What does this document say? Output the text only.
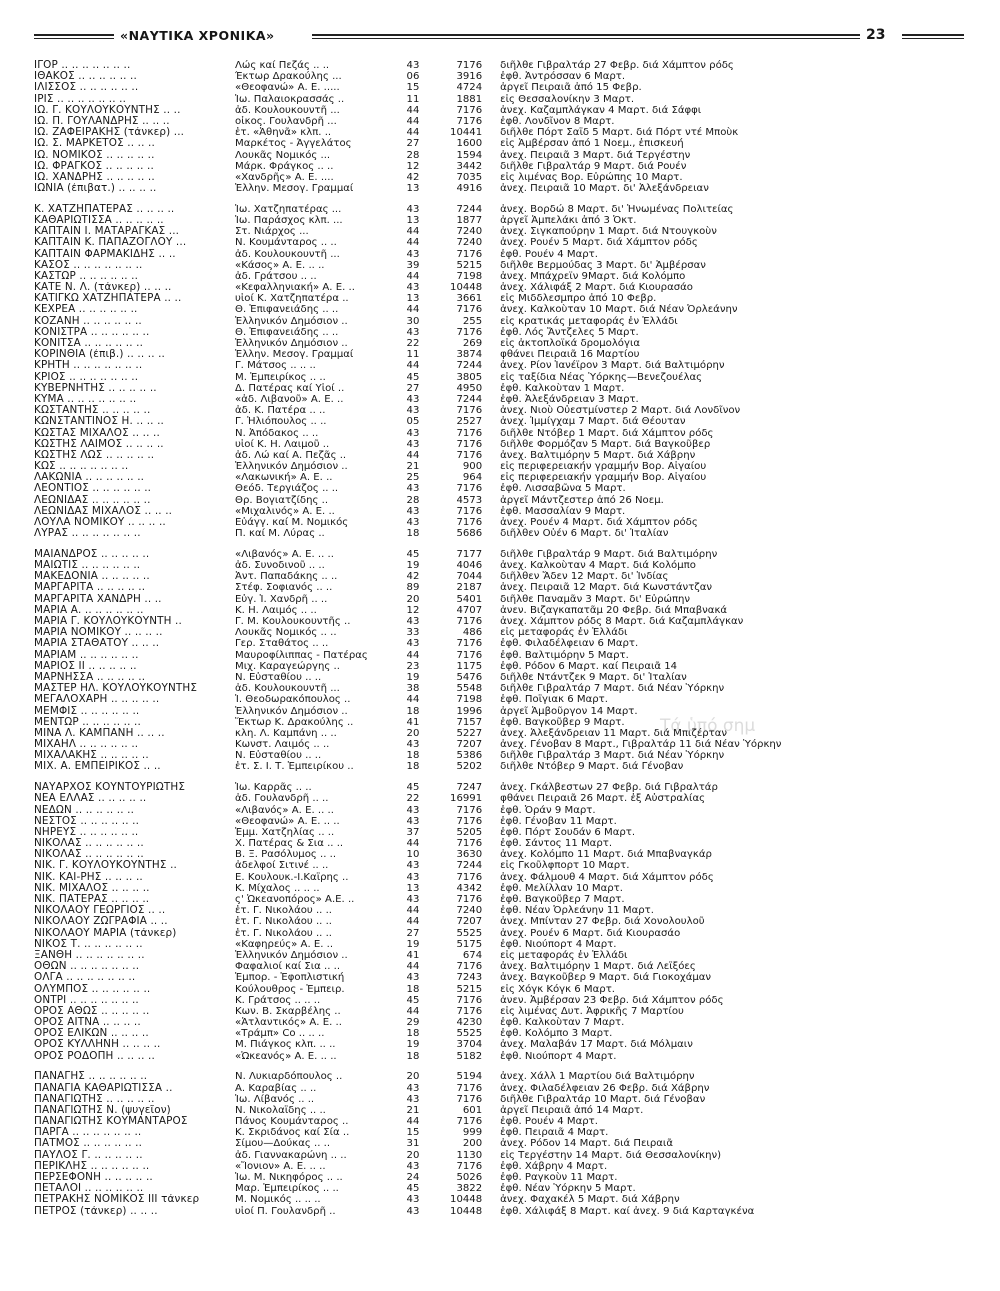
«ΝΑΥΤΙΚΑ ΧΡΟΝΙΚΑ»	23
Τά ὑπό σημ
ΙΓΟΡ .. .. .. .. .. .. ..	Λώς καί Πεζάς .. ..	43	7176	διῆλθε Γιβραλτάρ 27 Φεβρ. διά Χάμπτον ρόδς
ΙΘΑΚΟΣ .. .. .. .. .. ..	Έκτωρ Δρακούλης ...	06	3916	ἐφθ. Ἀντρόσσαν 6 Μαρτ.
ΙΛΙΣΣΟΣ .. .. .. .. .. ..	«Θεοφανώ» Α. Ε. .....	15	4724	ἀργεῖ Πειραιᾶ ἀπό 15 Φεβρ.
ΙΡΙΣ .. .. .. .. .. .. ..	Ἰω. Παλαιοκρασσάς ..	11	1881	εἰς Θεσσαλονίκην 3 Μαρτ.
ΙΩ. Γ. ΚΟΥΛΟΥΚΟΥΝΤΗΣ .. ..	ἀδ. Κουλουκουντῆ ...	44	7176	ἀνεχ. Καζαμπλάγκαν 4 Μαρτ. διά Σάφφι
ΙΩ. Π. ΓΟΥΛΑΝΔΡΗΣ .. .. ..	οἶκος. Γουλανδρῆ ...	44	7176	ἐφθ. Λονδῖνον 8 Μαρτ.
ΙΩ. ΖΑΦΕΙΡΑΚΗΣ (τάνκερ) ...	ἑτ. «Ἀθηνᾶ» κλπ. ..	44	10441	διῆλθε Πόρτ Σαΐδ 5 Μαρτ. διά Πόρτ ντέ Μποὺκ
ΙΩ. Σ. ΜΑΡΚΕΤΟΣ .. .. ..	Μαρκέτος - Ἀγγελάτος	27	1600	εἰς Ἀμβέρσαν ἀπό 1 Νοεμ., ἐπισκευή
ΙΩ. ΝΟΜΙΚΟΣ .. .. .. .. ..	Λουκᾶς Νομικός ...	28	1594	ἀνεχ. Πειραιᾶ 3 Μαρτ. διά Τεργέστην
ΙΩ. ΦΡΑΓΚΟΣ .. .. .. .. ..	Μάρκ. Φράγκος .. ..	12	3442	διῆλθε Γιβραλτάρ 9 Μαρτ. διά Ρουέν
ΙΩ. ΧΑΝΔΡΗΣ .. .. .. .. ..	«Χανδρῆς» Α. Ε. ....	42	7035	εἰς λιμένας Βορ. Εὐρώπης 10 Μαρτ.
ΙΩΝΙΑ (ἐπιβατ.) .. .. .. ..	Ἑλλην. Μεσογ. Γραμμαί	13	4916	ἀνεχ. Πειραιᾶ 10 Μαρτ. δι' Ἀλεξάνδρειαν
Κ. ΧΑΤΖΗΠΑΤΕΡΑΣ .. .. .. ..	Ἰω. Χατζηπατέρας ...	43	7244	ἀνεχ. Βορδώ 8 Μαρτ. δι' Ἡνωμένας Πολιτείας
ΚΑΘΑΡΙΩΤΙΣΣΑ .. .. .. .. ..	Ἰω. Παράσχος κλπ. ...	13	1877	ἀργεῖ Ἀμπελάκι ἀπό 3 Ὀκτ.
ΚΑΠΤΑΙΝ Ι. ΜΑΤΑΡΑΓΚΑΣ ...	Στ. Νιάρχος ...	44	7240	ἀνεχ. Σιγκαπούρην 1 Μαρτ. διά Ντουγκοὺν
ΚΑΠΤΑΙΝ Κ. ΠΑΠΑΖΟΓΛΟΥ ...	Ν. Κουμάνταρος .. ..	44	7240	ἀνεχ. Ρουέν 5 Μαρτ. διά Χάμπτον ρόδς
ΚΑΠΤΑΙΝ ΦΑΡΜΑΚΙΔΗΣ .. ..	ἀδ. Κουλουκουντῆ ...	43	7176	ἐφθ. Ρουέν 4 Μαρτ.
ΚΑΣΟΣ .. .. .. .. .. .. ..	«Κάσος» Α. Ε. .. ..	39	5215	διῆλθε Βερμούδας 3 Μαρτ. δι' Ἀμβέρσαν
ΚΑΣΤΩΡ .. .. .. .. .. ..	ἀδ. Γράτσου .. ..	44	7198	ἀνεχ. Μπάχρεϊν 9Μαρτ. διά Κολόμπο
ΚΑΤΕ Ν. Λ. (τάνκερ) .. .. ..	«Κεφαλληνιακή» Α. Ε. ..	43	10448	ἀνεχ. Χάλιφάξ 2 Μαρτ. διά Κιουρασάο
ΚΑΤΙΓΚΩ ΧΑΤΖΗΠΑΤΕΡΑ .. ..	υἱοί Κ. Χατζηπατέρα ..	13	3661	εἰς Μιδδλεσμπρο ἀπό 10 Φεβρ.
ΚΕΧΡΕΑ .. .. .. .. .. ..	Θ. Ἐπιφανειάδης .. ..	44	7176	ἀνεχ. Καλκοὺταν 10 Μαρτ. διά Νέαν Ὀρλεάνην
ΚΟΖΑΝΗ .. .. .. .. .. ..	Ἑλληνικόν Δημόσιον ..	30	255	εἰς κρατικάς μεταφοράς ἐν Ἑλλάδι
ΚΟΝΙΣΤΡΑ .. .. .. .. .. ..	Θ. Ἐπιφανειάδης .. ..	43	7176	ἐφθ. Λός Ἄντζελες 5 Μαρτ.
ΚΟΝΙΤΣΑ .. .. .. .. .. ..	Ἑλληνικόν Δημόσιον ..	22	269	εἰς ἀκτοπλοϊκά δρομολόγια
ΚΟΡΙΝΘΙΑ (ἐπιβ.) .. .. .. ..	Ἑλλην. Μεσογ. Γραμμαί	11	3874	φθάνει Πειραιᾶ 16 Μαρτίου
ΚΡΗΤΗ .. .. .. .. .. .. ..	Γ. Μάτσος .. .. ..	44	7244	ἀνεχ. Ρίον Ἰανέϊρον 3 Μαρτ. διά Βαλτιμόρην
ΚΡΙΟΣ .. .. .. .. .. .. ..	Μ. Ἐμπειρίκος .. ..	45	3805	εἰς ταξίδια Νέας Ὑόρκης—Βενεζουέλας
ΚΥΒΕΡΝΗΤΗΣ .. .. .. .. ..	Δ. Πατέρας καί Υἱοί ..	27	4950	ἐφθ. Καλκοὺταν 1 Μαρτ.
ΚΥΜΑ .. .. .. .. .. .. ..	«ἀδ. Λιβανοῦ» Α. Ε. ..	43	7244	ἐφθ. Ἀλεξάνδρειαν 3 Μαρτ.
ΚΩΣΤΑΝΤΗΣ .. .. .. .. ..	ἀδ. Κ. Πατέρα .. ..	43	7176	ἀνεχ. Νιοὺ Οὐεστμίνστερ 2 Μαρτ. διά Λονδῖνον
ΚΩΝΣΤΑΝΤΙΝΟΣ Η. .. .. ..	Γ. Ἡλιόπουλος .. ..	05	2527	ἀνεχ. Ἰμμίγχαμ 7 Μαρτ. διά Θέουταν
ΚΩΣΤΑΣ ΜΙΧΑΛΟΣ .. .. ..	Ν. Ἀπόδακος .. ..	43	7176	διῆλθε Ντόβερ 1 Μαρτ. διά Χάμπτον ρόδς
ΚΩΣΤΗΣ ΛΑΙΜΟΣ .. .. .. ..	υἱοί Κ. Η. Λαιμοῦ ..	43	7176	διῆλθε Φορμόζαν 5 Μαρτ. διά Βαγκοῦβερ
ΚΩΣΤΗΣ ΛΩΣ .. .. .. .. ..	ἀδ. Λώ καί Α. Πεζᾶς ..	44	7176	ἀνεχ. Βαλτιμόρην 5 Μαρτ. διά Χάβρην
ΚΩΣ .. .. .. .. .. .. ..	Ἑλληνικόν Δημόσιον ..	21	900	εἰς περιφερειακήν γραμμήν Βορ. Αἰγαίου
ΛΑΚΩΝΙΑ .. .. .. .. .. ..	«Λακωνική» Α. Ε. ..	25	964	εἰς περιφερειακήν γραμμήν Βορ. Αἰγαίου
ΛΕΟΝΤΙΟΣ .. .. .. .. .. ..	Θεόδ. Τεργιάζος .. ..	43	7176	ἐφθ. Λισσαβῶνα 5 Μαρτ.
ΛΕΩΝΙΔΑΣ .. .. .. .. .. ..	Θρ. Βογιατζίδης ..	28	4573	ἀργεῖ Μάντζεστερ ἀπό 26 Νοεμ.
ΛΕΩΝΙΔΑΣ ΜΙΧΑΛΟΣ .. .. ..	«Μιχαλινός» Α. Ε. ..	43	7176	ἐφθ. Μασσαλίαν 9 Μαρτ.
ΛΟΥΛΑ ΝΟΜΙΚΟΥ .. .. .. ..	Εὐάγγ. καί Μ. Νομικός	43	7176	ἀνεχ. Ρουέν 4 Μαρτ. διά Χάμπτον ρόδς
ΛΥΡΑΣ .. .. .. .. .. .. ..	Π. καί Μ. Λύρας ..	18	5686	διῆλθεν Οὐέν 6 Μαρτ. δι' Ἰταλίαν
ΜΑΙΑΝΔΡΟΣ .. .. .. .. ..	«Λιβανός» Α. Ε. .. ..	45	7177	διῆλθε Γιβραλτάρ 9 Μαρτ. διά Βαλτιμόρην
ΜΑΙΩΤΙΣ .. .. .. .. .. ..	ἀδ. Συνοδινοῦ .. ..	19	4046	ἀνεχ. Καλκοὺταν 4 Μαρτ. διά Κολόμπο
ΜΑΚΕΔΟΝΙΑ .. .. .. .. ..	Ἀντ. Παπαδάκης .. ..	42	7044	διῆλθεν Ἄδεν 12 Μαρτ. δι' Ἰνδίας
ΜΑΡΓΑΡΙΤΑ .. .. .. .. ..	Στέφ. Σοφιανός .. ..	89	2187	ἀνεχ. Πειραιᾶ 12 Μαρτ. διά Κωνστάντζαν
ΜΑΡΓΑΡΙΤΑ ΧΑΝΔΡΗ .. ..	Εὐγ. Ἰ. Χανδρῆ .. ..	20	5401	διῆλθε Παναμᾶν 3 Μαρτ. δι' Εὐρώπην
ΜΑΡΙΑ Α. .. .. .. .. .. ..	Κ. Η. Λαιμός .. ..	12	4707	ἀνεν. Βιζαγκαπατᾶμ 20 Φεβρ. διά Μπαβνακά
ΜΑΡΙΑ Γ. ΚΟΥΛΟΥΚΟΥΝΤΗ ..	Γ. Μ. Κουλουκουντῆς ..	43	7176	ἀνεχ. Χάμπτον ρόδς 8 Μαρτ. διά Καζαμπλάγκαν
ΜΑΡΙΑ ΝΟΜΙΚΟΥ .. .. .. ..	Λουκᾶς Νομικός .. ..	33	486	εἰς μεταφοράς ἐν Ἑλλάδι
ΜΑΡΙΑ ΣΤΑΘΑΤΟΥ .. .. ..	Γερ. Σταθάτος .. ..	43	7176	ἐφθ. Φιλαδέλφειαν 6 Μαρτ.
ΜΑΡΙΑΜ .. .. .. .. .. ..	Μαυροφίλιππας - Πατέρας	44	7176	ἐφθ. Βαλτιμόρην 5 Μαρτ.
ΜΑΡΙΟΣ ΙΙ .. .. .. .. ..	Μιχ. Καραγεώργης ..	23	1175	ἐφθ. Ρόδον 6 Μαρτ. καί Πειραιᾶ 14
ΜΑΡΝΗΣΣΑ .. .. .. .. ..	Ν. Εὐσταθίου .. ..	19	5476	διῆλθε Ντάντζεκ 9 Μαρτ. δι' Ἰταλίαν
ΜΑΣΤΕΡ ΗΛ. ΚΟΥΛΟΥΚΟΥΝΤΗΣ	ἀδ. Κουλουκουντῆ ...	38	5548	διῆλθε Γιβραλτάρ 7 Μαρτ. διά Νέαν Ὑόρκην
ΜΕΓΑΛΟΧΑΡΗ .. .. .. .. ..	Ἰ. Θεοδωρακόπουλος ..	44	7198	ἐφθ. Ποΐγιακ 6 Μαρτ.
ΜΕΜΦΙΣ .. .. .. .. .. ..	Ἑλληνικόν Δημόσιον ..	18	1996	ἀργεῖ Ἀμβοῦργον 14 Μαρτ.
ΜΕΝΤΩΡ .. .. .. .. .. ..	Ἕκτωρ Κ. Δρακούλης ..	41	7157	ἐφθ. Βαγκοῦβερ 9 Μαρτ.
ΜΙΝΑ Λ. ΚΑΜΠΑΝΗ .. .. ..	κλη. Λ. Καμπάνη .. ..	20	5227	ἀνεχ. Ἀλεξάνδρειαν 11 Μαρτ. διά Μπιζέρταν
ΜΙΧΑΗΛ .. .. .. .. .. ..	Κωνστ. Λαιμός .. ..	43	7207	ἀνεχ. Γένοβαν 8 Μαρτ., Γιβραλτάρ 11 διά Νέαν Ὑόρκην
ΜΙΧΑΛΑΚΗΣ .. .. .. .. ..	Ν. Εὐσταθίου .. ..	18	5386	διῆλθε Γιβραλτάρ 3 Μαρτ. διά Νέαν Ὑόρκην
ΜΙΧ. Α. ΕΜΠΕΙΡΙΚΟΣ .. ..	ἑτ. Σ. Ι. Τ. Ἐμπειρίκου ..	18	5202	διῆλθε Ντόβερ 9 Μαρτ. διά Γένοβαν
ΝΑΥΑΡΧΟΣ ΚΟΥΝΤΟΥΡΙΩΤΗΣ	Ἰω. Καρρᾶς .. ..	45	7247	ἀνεχ. Γκάλβεστων 27 Φεβρ. διά Γιβραλτάρ
ΝΕΑ ΕΛΛΑΣ .. .. .. .. ..	ἀδ. Γουλανδρῆ .. ..	22	16991	φθάνει Πειραιᾶ 26 Μαρτ. ἐξ Αὐστραλίας
ΝΕΔΩΝ .. .. .. .. .. ..	«Λιβανός» Α. Ε. .. ..	43	7176	ἐφθ. Ὀράν 9 Μαρτ.
ΝΕΣΤΟΣ .. .. .. .. .. ..	«Θεοφανώ» Α. Ε. .. ..	43	7176	ἐφθ. Γένοβαν 11 Μαρτ.
ΝΗΡΕΥΣ .. .. .. .. .. ..	Ἐμμ. Χατζηλίας .. ..	37	5205	ἐφθ. Πόρτ Σουδάν 6 Μαρτ.
ΝΙΚΟΛΑΣ .. .. .. .. .. ..	Χ. Πατέρας & Σια .. ..	44	7176	ἐφθ. Σάντος 11 Μαρτ.
ΝΙΚΟΛΑΣ .. .. .. .. .. ..	Β. Ξ. Ρασόλυμος .. ..	10	3630	ἀνεχ. Κολόμπο 11 Μαρτ. διά Μπαβναγκάρ
ΝΙΚ. Γ. ΚΟΥΛΟΥΚΟΥΝΤΗΣ ..	ἀδελφοί Σιτινέ .. ..	43	7244	εἰς Γκοῦλφπορτ 10 Μαρτ.
ΝΙΚ. ΚΑΙ-ΡΗΣ .. .. .. ..	Ε. Κουλουκ.-Ι.Καΐρης ..	43	7176	ἀνεχ. Φάλμουθ 4 Μαρτ. διά Χάμπτον ρόδς
ΝΙΚ. ΜΙΧΑΛΟΣ .. .. .. ..	Κ. Μίχαλος .. .. ..	13	4342	ἐφθ. Μελίλλαν 10 Μαρτ.
ΝΙΚ. ΠΑΤΕΡΑΣ .. .. .. ..	ς' Ὠκεανοπόρος» Α.Ε. ..	43	7176	ἐφθ. Βαγκοῦβερ 7 Μαρτ.
ΝΙΚΟΛΑΟΥ ΓΕΩΡΓΙΟΣ .. ..	ἑτ. Γ. Νικολάου .. ..	44	7240	ἐφθ. Νέαν Ὀρλεάνην 11 Μαρτ.
ΝΙΚΟΛΑΟΥ ΖΩΓΡΑΦΙΑ .. ..	ἑτ. Γ. Νικολάου .. ..	44	7207	ἀνεχ. Μπίνταν 27 Φεβρ. διά Χονολουλοῦ
ΝΙΚΟΛΑΟΥ ΜΑΡΙΑ (τάνκερ)	ἑτ. Γ. Νικολάου .. ..	27	5525	ἀνεχ. Ρουέν 6 Μαρτ. διά Κιουρασάο
ΝΙΚΟΣ Τ. .. .. .. .. .. ..	«Καφηρεύς» Α. Ε. ..	19	5175	ἐφθ. Νιούπορτ 4 Μαρτ.
ΞΑΝΘΗ .. .. .. .. .. .. ..	Ἑλληνικόν Δημόσιον ..	41	674	εἰς μεταφοράς ἐν Ἑλλάδι
ΟΘΩΝ .. .. .. .. .. .. ..	Φαφαλιοί καί Σια .. ..	44	7176	ἀνεχ. Βαλτιμόρην 1 Μαρτ. διά Λεΐξόες
ΟΛΓΑ .. .. .. .. .. .. ..	Ἐμπορ. - Ἐφοπλιστική	43	7243	ἀνεχ. Βαγκοῦβερ 9 Μαρτ. διά Γιοκοχάμαν
ΟΛΥΜΠΟΣ .. .. .. .. .. ..	Κούλουθρος - Ἐμπειρ.	18	5215	εἰς Χόγκ Κόγκ 6 Μαρτ.
ΟΝΤΡΙ .. .. .. .. .. .. ..	Κ. Γράτσος .. .. ..	45	7176	ἀνεν. Ἀμβέρσαν 23 Φεβρ. διά Χάμπτον ρόδς
ΟΡΟΣ ΑΘΩΣ .. .. .. .. ..	Κων. Β. Σκαρβέλης ..	44	7176	εἰς λιμένας Δυτ. Ἀφρικῆς 7 Μαρτίου
ΟΡΟΣ ΑΙΤΝΑ .. .. .. ..	«Ἀτλαντικός» Α. Ε. ..	29	4230	ἐφθ. Καλκοὺταν 7 Μαρτ.
ΟΡΟΣ ΕΛΙΚΩΝ .. .. .. ..	«Τράμπ» Co .. .. ..	18	5525	ἐφθ. Κολόμπο 3 Μαρτ.
ΟΡΟΣ ΚΥΛΛΗΝΗ .. .. .. ..	Μ. Πιάγκος κλπ. .. ..	19	3704	ἀνεχ. Μαλαβάν 17 Μαρτ. διά Μόλμαιν
ΟΡΟΣ ΡΟΔΟΠΗ .. .. .. ..	«Ὠκεανός» Α. Ε. .. ..	18	5182	ἐφθ. Νιούπορτ 4 Μαρτ.
ΠΑΝΑΓΗΣ .. .. .. .. .. ..	Ν. Λυκιαρδόπουλος ..	20	5194	ἀνεχ. Χάλλ 1 Μαρτίου διά Βαλτιμόρην
ΠΑΝΑΓΙΑ ΚΑΘΑΡΙΩΤΙΣΣΑ ..	Α. Καραβίας .. ..	43	7176	ἀνεχ. Φιλαδέλφειαν 26 Φεβρ. διά Χάβρην
ΠΑΝΑΓΙΩΤΗΣ .. .. .. .. ..	Ἰω. Λίβανός .. ..	43	7176	διῆλθε Γιβραλτάρ 10 Μαρτ. διά Γένοβαν
ΠΑΝΑΓΙΩΤΗΣ Ν. (ψυγεῖον)	Ν. Νικολαΐδης .. ..	21	601	ἀργεῖ Πειραιᾶ ἀπό 14 Μαρτ.
ΠΑΝΑΓΙΩΤΗΣ ΚΟΥΜΑΝΤΑΡΟΣ	Πάνος Κουμάνταρος ..	44	7176	ἐφθ. Ρουέν 4 Μαρτ.
ΠΑΡΓΑ .. .. .. .. .. .. ..	Κ. Σκριδάνος καί Σία ..	15	999	ἐφθ. Πειραιᾶ 4 Μαρτ.
ΠΑΤΜΟΣ .. .. .. .. .. ..	Σίμου—Δούκας .. ..	31	200	ἀνεχ. Ρόδον 14 Μαρτ. διά Πειραιᾶ
ΠΑΥΛΟΣ Γ. .. .. .. .. ..	ἀδ. Γιαννακαρώνη .. ..	20	1130	εἰς Τεργέστην 14 Μαρτ. διά Θεσσαλονίκην)
ΠΕΡΙΚΛΗΣ .. .. .. .. .. ..	«Ἴονιον» Α. Ε. .. ..	43	7176	ἐφθ. Χάβρην 4 Μαρτ.
ΠΕΡΣΕΦΟΝΗ .. .. .. .. ..	Ἰω. Μ. Νικηφόρος .. ..	24	5026	ἐφθ. Ραγκοὺν 11 Μαρτ.
ΠΕΤΑΛΟΙ .. .. .. .. .. ..	Μαρ. Ἐμπειρίκος .. ..	45	3822	ἐφθ. Νέαν Ὑόρκην 5 Μαρτ.
ΠΕΤΡΑΚΗΣ ΝΟΜΙΚΟΣ ΙΙΙ τάνκερ	Μ. Νομικός .. .. ..	43	10448	ἀνεχ. Φαχακέλ 5 Μαρτ. διά Χάβρην
ΠΕΤΡΟΣ (τάνκερ) .. .. ..	υἱοί Π. Γουλανδρῆ ..	43	10448	ἐφθ. Χάλιφάξ 8 Μαρτ. καί ἀνεχ. 9 διά Καρταγκένα
